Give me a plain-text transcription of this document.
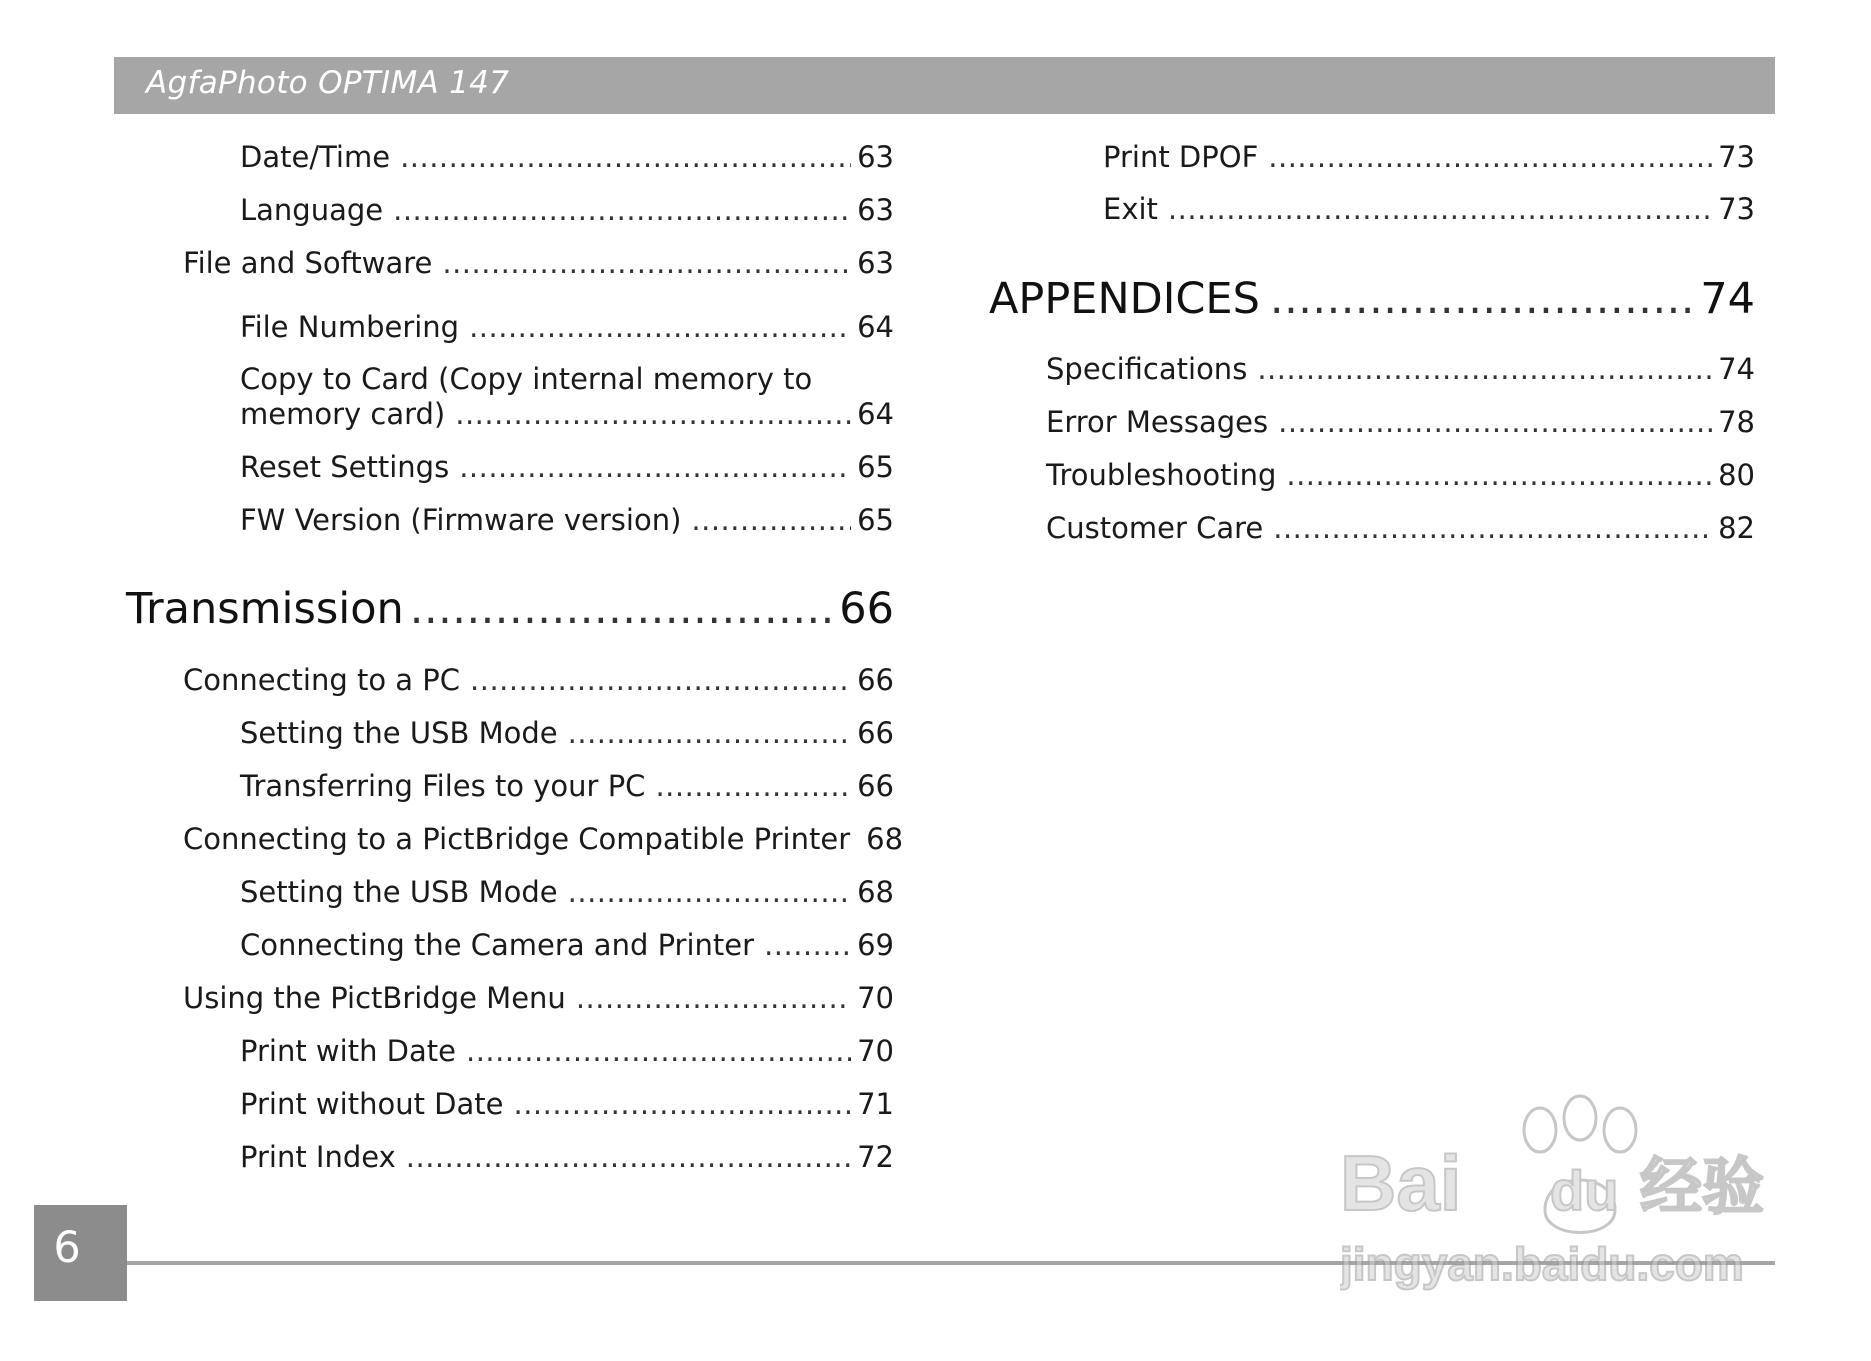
AgfaPhoto OPTIMA 147
Date/Time .....	63
Language .....	63
File and Software .....	63
File Numbering .....	64
Copy to Card (Copy internal memory to
memory card) .....	64
Reset Settings .....	65
FW Version (Firmware version) .....	65
Transmission .....	66
Connecting to a PC .....	66
Setting the USB Mode .....	66
Transferring Files to your PC .....	66
Connecting to a PictBridge Compatible Printer 68
Setting the USB Mode .....	68
Connecting the Camera and Printer .....	69
Using the PictBridge Menu .....	70
Print with Date .....	70
Print without Date .....	71
Print Index .....	72
Print DPOF .....	73
Exit .....	73
APPENDICES .....	74
Specifications .....	74
Error Messages .....	78
Troubleshooting .....	80
Customer Care .....	82
6
Bai du 经验
jingyan.baidu.com
